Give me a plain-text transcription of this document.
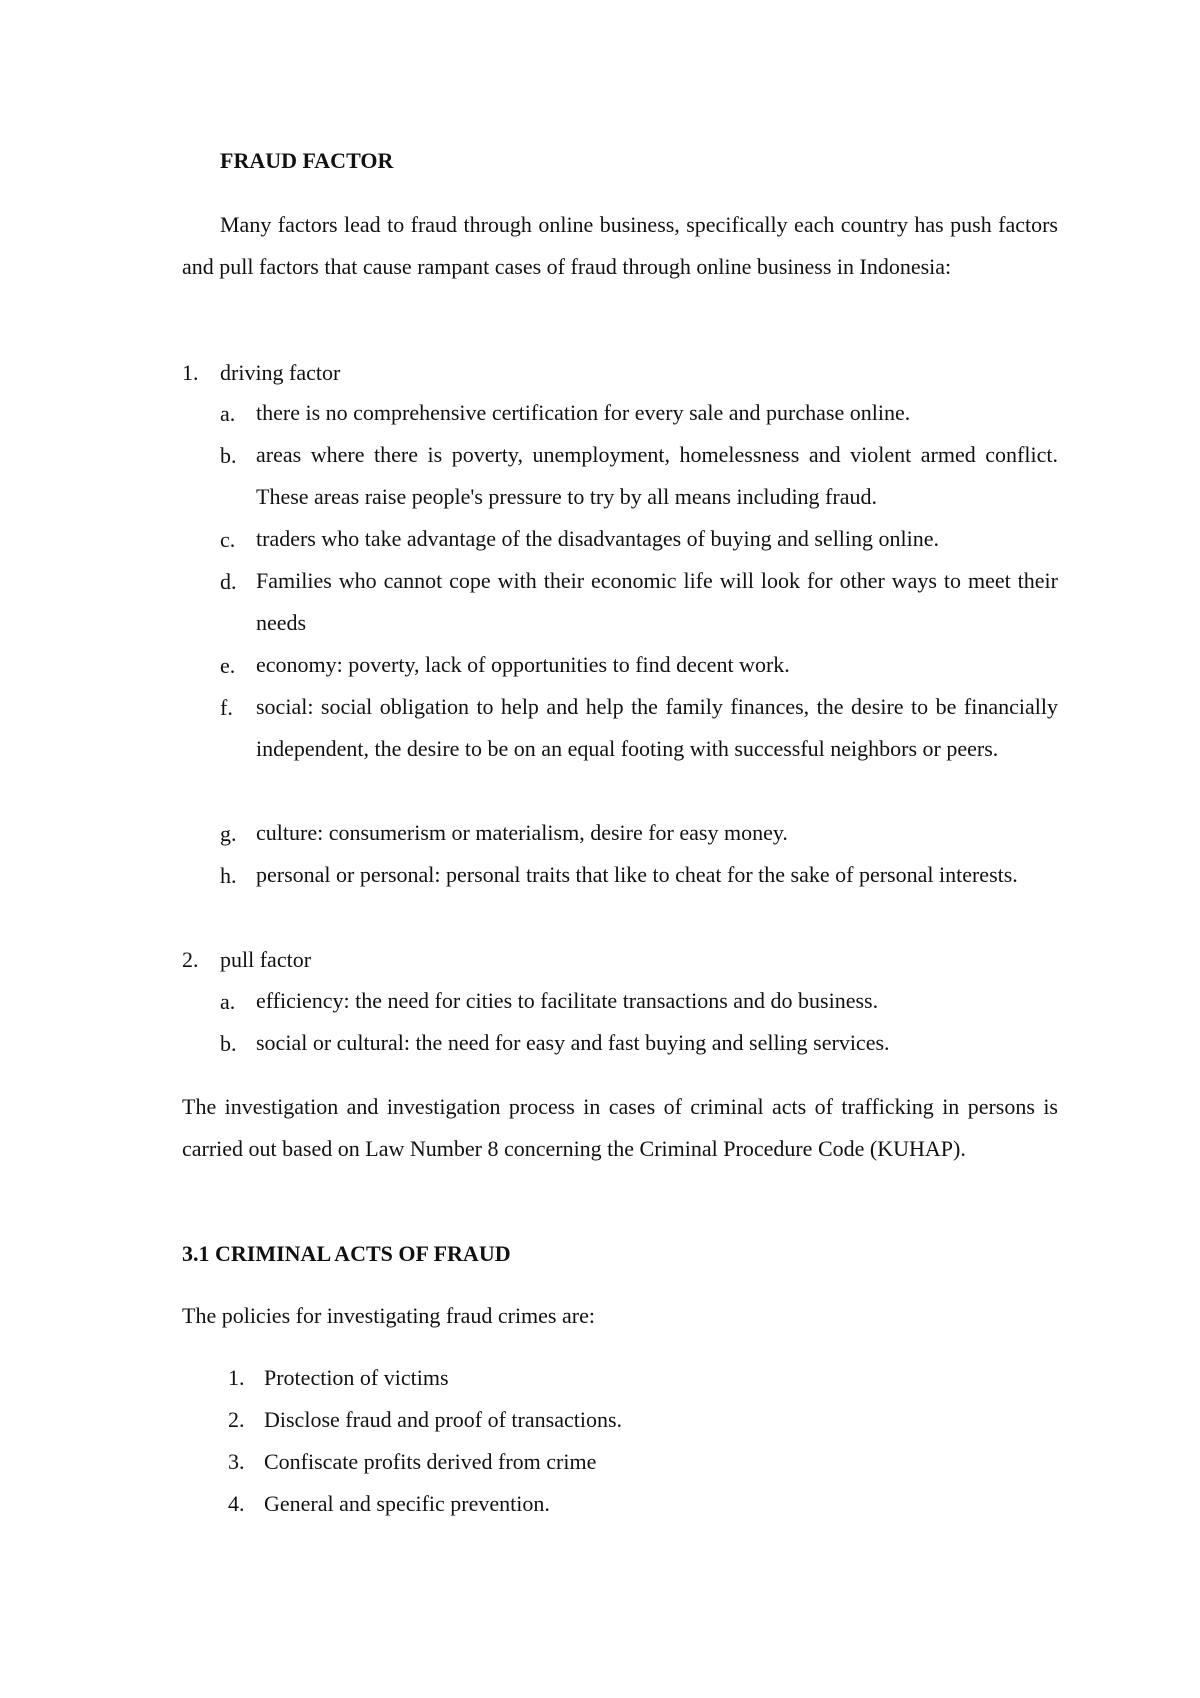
FRAUD FACTOR
Many factors lead to fraud through online business, specifically each country has push factors and pull factors that cause rampant cases of fraud through online business in Indonesia:
1. driving factor
a. there is no comprehensive certification for every sale and purchase online.
b. areas where there is poverty, unemployment, homelessness and violent armed conflict. These areas raise people's pressure to try by all means including fraud.
c. traders who take advantage of the disadvantages of buying and selling online.
d. Families who cannot cope with their economic life will look for other ways to meet their needs
e. economy: poverty, lack of opportunities to find decent work.
f. social: social obligation to help and help the family finances, the desire to be financially independent, the desire to be on an equal footing with successful neighbors or peers.
g. culture: consumerism or materialism, desire for easy money.
h. personal or personal: personal traits that like to cheat for the sake of personal interests.
2. pull factor
a. efficiency: the need for cities to facilitate transactions and do business.
b. social or cultural: the need for easy and fast buying and selling services.
The investigation and investigation process in cases of criminal acts of trafficking in persons is carried out based on Law Number 8 concerning the Criminal Procedure Code (KUHAP).
3.1 CRIMINAL ACTS OF FRAUD
The policies for investigating fraud crimes are:
1. Protection of victims
2. Disclose fraud and proof of transactions.
3. Confiscate profits derived from crime
4. General and specific prevention.
